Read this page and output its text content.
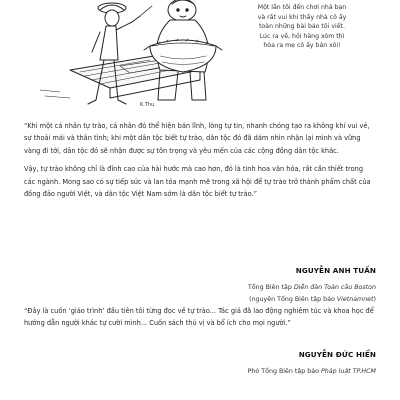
K.Thu
Một lần tôi đến chơi nhà bạn
và rất vui khi thấy nhà cô ấy
toàn những bài báo tôi viết.
Lúc ra về, hỏi hàng xóm thì
hóa ra mẹ cô ấy bán xôi!

“Khi một cá nhân tự trào, cá nhân đó thể hiện bản lĩnh, lòng tự tin, nhanh chóng tạo ra không khí vui vẻ, sự thoải mái và thân tình; khi một dân tộc biết tự trào, dân tộc đó đã dám nhìn nhận lại mình và vững vàng đi tới, dân tộc đó sẽ nhận được sự tôn trọng và yêu mến của các cộng đồng dân tộc khác.

Vậy, tự trào không chỉ là đỉnh cao của hài hước mà cao hơn, đó là tinh hoa văn hóa, rất cần thiết trong các ngành. Mong sao có sự tiếp sức và lan tỏa mạnh mẽ trong xã hội để tự trào trở thành phẩm chất của đồng đảo người Việt, và dân tộc Việt Nam sớm là dân tộc biết tự trào.”

NGUYỄN ANH TUẤN
Tổng Biên tập Diễn đàn Toàn cầu Boston
(nguyên Tổng Biên tập báo Vietnamnet)

“Đây là cuốn ‘giáo trình’ đầu tiên tôi từng đọc về tự trào... Tác giả đã lao động nghiêm túc và khoa học để hướng dẫn người khác tự cười mình... Cuốn sách thú vị và bổ ích cho mọi người.”

NGUYỄN ĐỨC HIỂN
Phó Tổng Biên tập báo Pháp luật TP.HCM
